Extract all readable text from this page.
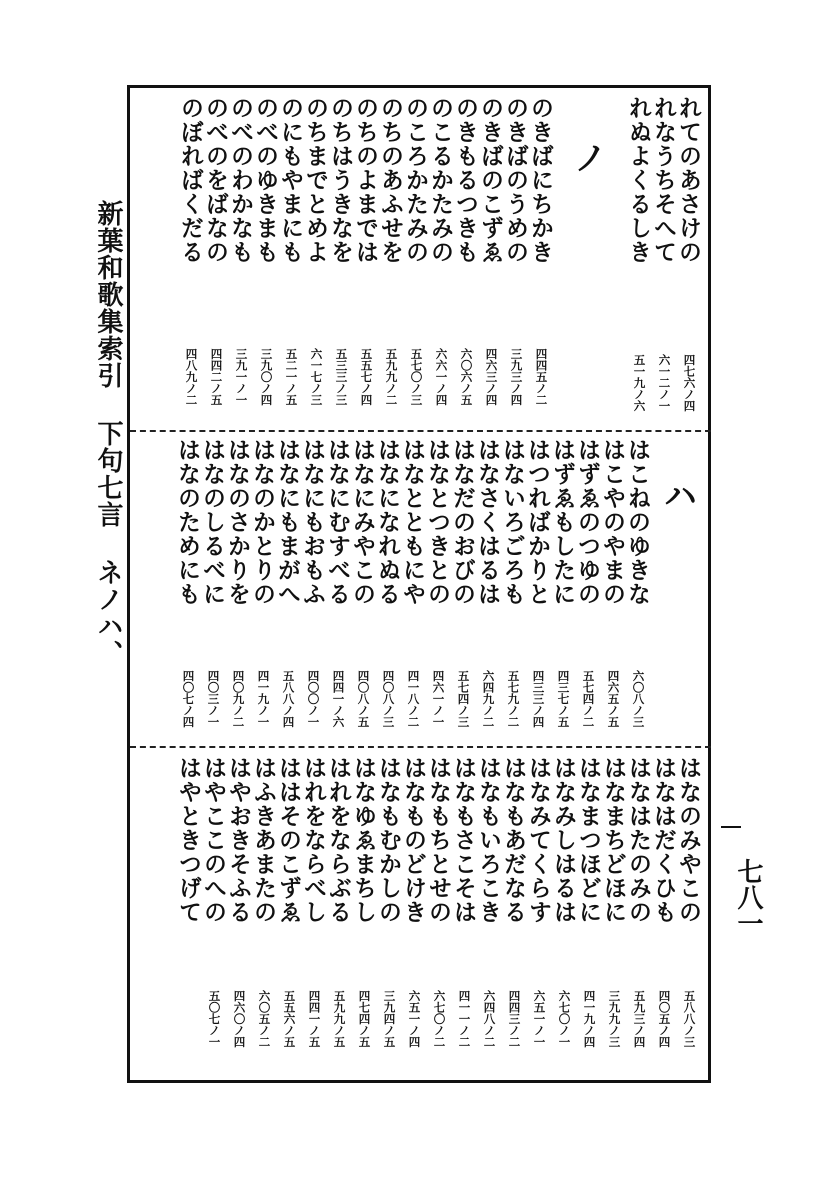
新葉和歌集索引 下句七言 ネノハ、
七八一
れてのあさけの
れなうちそへて
れぬよくるしき
四七六ノ四
六一二ノ一
五一九ノ六
ノ
のきばにちかき
のきばのうめの
のきばのこずゑ
のきもるつきも
のこるかたみの
のころかたみの
のちのあふせを
のちのよまでは
のちはうきなを
のちまでとめよ
のにもやまにも
のべのゆきまも
のべのわかなも
のべのをばなの
のぼればくだる
四四五ノ二
三九三ノ四
四六三ノ四
六〇六ノ五
六六一ノ四
五七〇ノ三
五九九ノ二
五五七ノ四
五三三ノ三
六一七ノ三
五二一ノ五
三九〇ノ四
三九一ノ一
四四二ノ五
四八九ノ二
ハ
はこねのゆきな
はこやのやまの
はずゑのつゆの
はずゑもしたに
はつればかりと
はないろごろも
はなさくはるは
はなだのおびの
はなとつきとの
はなとともにや
はなになれぬる
はなにみやこの
はなにむすべる
はなにもおもふ
はなにもまがへ
はなのかとりの
はなのさかりを
はなのしるべに
はなのためにも
六〇八ノ三
四六五ノ五
五七四ノ二
四三七ノ五
四三三ノ四
五七九ノ二
六四九ノ二
五七四ノ三
四六一ノ一
四一八ノ二
四〇八ノ三
四〇八ノ五
四四一ノ六
四〇〇ノ一
五八八ノ四
四一九ノ一
四〇九ノ二
四〇三ノ一
四〇七ノ四
はなのみやこの
はなはだくひも
はなはたのみの
はなまちどほに
はなまつほどに
はなみしはるは
はなみてくらす
はなもあだなる
はなもいろこき
はなもさこそは
はなもちとせの
はなものどけき
はなもむかしの
はなゆゑまちし
はれをならぶる
はれをならべし
ははそのこずゑ
はふきあまたの
はやおきそふる
はやここのへの
はやときつげて
五八八ノ三
四〇五ノ四
五九三ノ四
三九九ノ三
四一九ノ四
六七〇ノ一
六五一ノ一
四四三ノ二
六四八ノ二
四一一ノ二
六七〇ノ二
六五一ノ四
三九四ノ五
四七四ノ五
五九九ノ五
四四一ノ五
五五六ノ五
六〇五ノ二
四六〇ノ四
五〇七ノ一
